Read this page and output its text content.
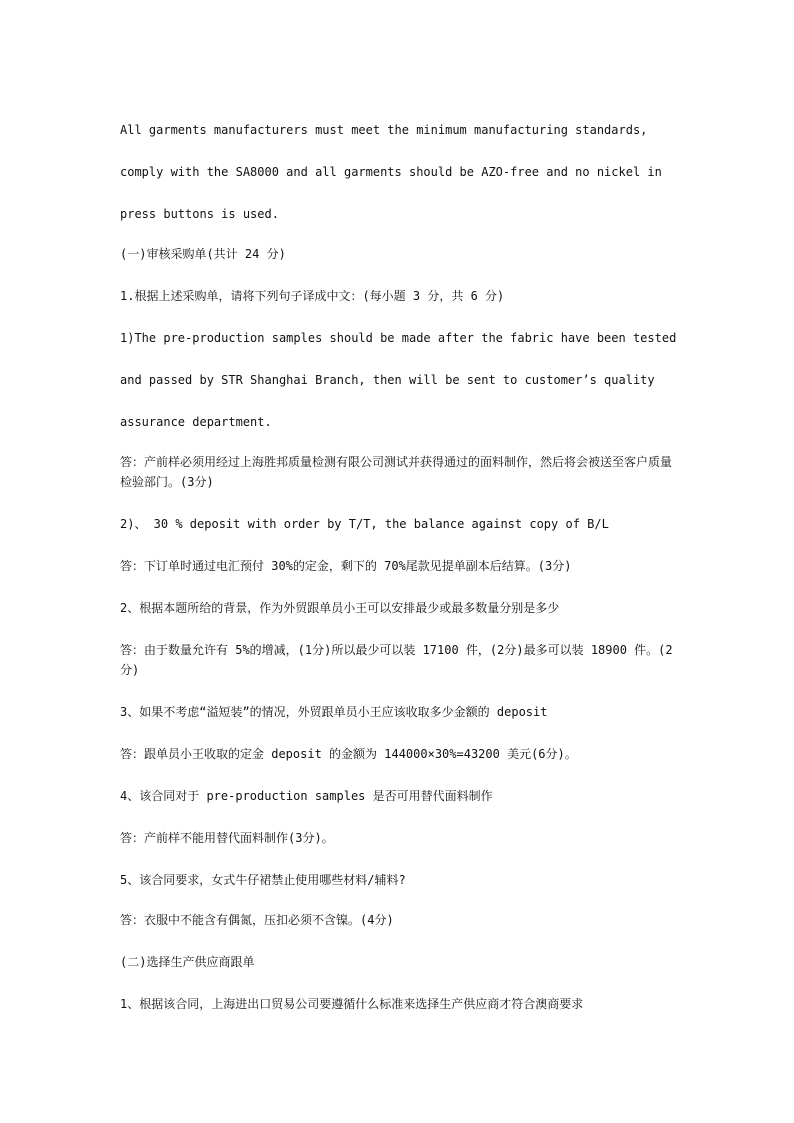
All garments manufacturers must meet the minimum manufacturing standards,
comply with the SA8000 and all garments should be AZO-free and no nickel in
press buttons is used.
(一)审核采购单(共计 24 分)
1.根据上述采购单，请将下列句子译成中文：(每小题 3 分，共 6 分)
1)The pre-production samples should be made after the fabric have been tested
and passed by STR Shanghai Branch, then will be sent to customer’s quality
assurance department.
答：产前样必须用经过上海胜邦质量检测有限公司测试并获得通过的面料制作，然后将会被送至客户质量检验部门。(3分)
2)、 30 % deposit with order by T/T, the balance against copy of B/L
答：下订单时通过电汇预付 30%的定金，剩下的 70%尾款见提单副本后结算。(3分)
2、根据本题所给的背景，作为外贸跟单员小王可以安排最少或最多数量分别是多少
答：由于数量允许有 5%的增减，(1分)所以最少可以装 17100 件，(2分)最多可以装 18900 件。(2分)
3、如果不考虑“溢短装”的情况，外贸跟单员小王应该收取多少金额的 deposit
答：跟单员小王收取的定金 deposit 的金额为 144000×30%=43200 美元(6分)。
4、该合同对于 pre-production samples 是否可用替代面料制作
答：产前样不能用替代面料制作(3分)。
5、该合同要求，女式牛仔裙禁止使用哪些材料/辅料?
答：衣服中不能含有偶氮，压扣必须不含镍。(4分)
(二)选择生产供应商跟单
1、根据该合同，上海进出口贸易公司要遵循什么标准来选择生产供应商才符合澳商要求
